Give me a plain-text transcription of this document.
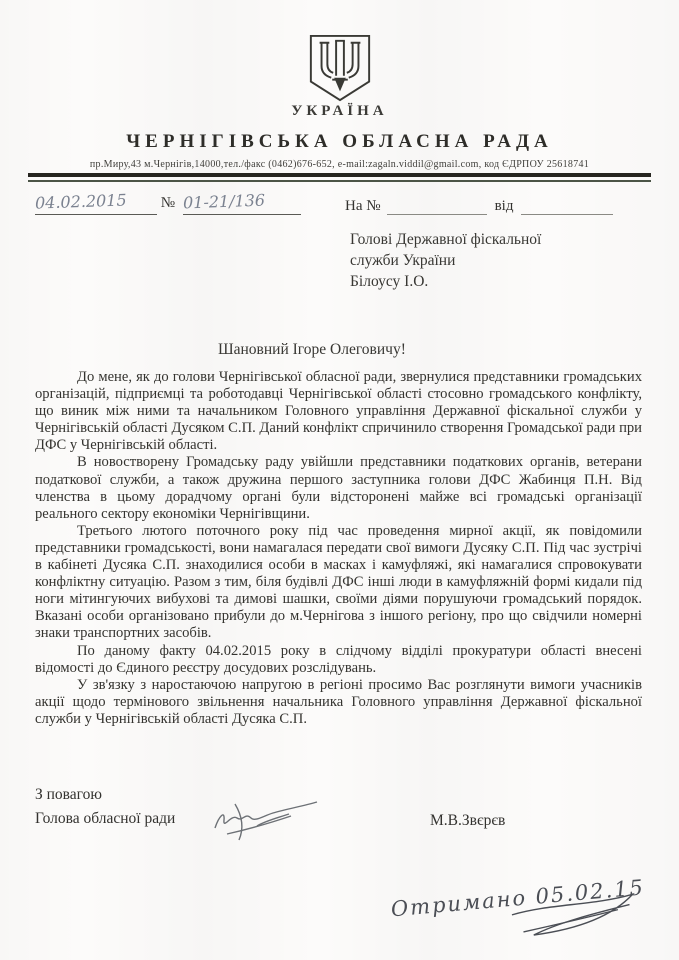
УКРАЇНА
ЧЕРНІГІВСЬКА ОБЛАСНА РАДА
пр.Миру,43 м.Чернігів,14000,тел./факс (0462)676-652, e-mail:zagaln.viddil@gmail.com, код ЄДРПОУ 25618741
04.02.2015 № 01-21/136	На №	від
Голові Державної фіскальної
служби України
Білоусу І.О.
Шановний Ігоре Олеговичу!

До мене, як до голови Чернігівської обласної ради, звернулися представники громадських організацій, підприємці та роботодавці Чернігівської області стосовно громадського конфлікту, що виник між ними та начальником Головного управління Державної фіскальної служби у Чернігівській області Дусяком С.П. Даний конфлікт спричинило створення Громадської ради при ДФС у Чернігівській області.

В новостворену Громадську раду увійшли представники податкових органів, ветерани податкової служби, а також дружина першого заступника голови ДФС Жабинця П.Н. Від членства в цьому дорадчому органі були відсторонені майже всі громадські організації реального сектору економіки Чернігівщини.

Третього лютого поточного року під час проведення мирної акції, як повідомили представники громадськості, вони намагалася передати свої вимоги Дусяку С.П. Під час зустрічі в кабінеті Дусяка С.П. знаходилися особи в масках і камуфляжі, які намагалися спровокувати конфліктну ситуацію. Разом з тим, біля будівлі ДФС інші люди в камуфляжній формі кидали під ноги мітингуючих вибухові та димові шашки, своїми діями порушуючи громадський порядок. Вказані особи організовано прибули до м.Чернігова з іншого регіону, про що свідчили номерні знаки транспортних засобів.

По даному факту 04.02.2015 року в слідчому відділі прокуратури області внесені відомості до Єдиного реєстру досудових розслідувань.

У зв'язку з наростаючою напругою в регіоні просимо Вас розглянути вимоги учасників акції щодо термінового звільнення начальника Головного управління Державної фіскальної служби у Чернігівській області Дусяка С.П.

З повагою
Голова обласної ради	М.В.Звєрєв
Отримано 05.02.15
